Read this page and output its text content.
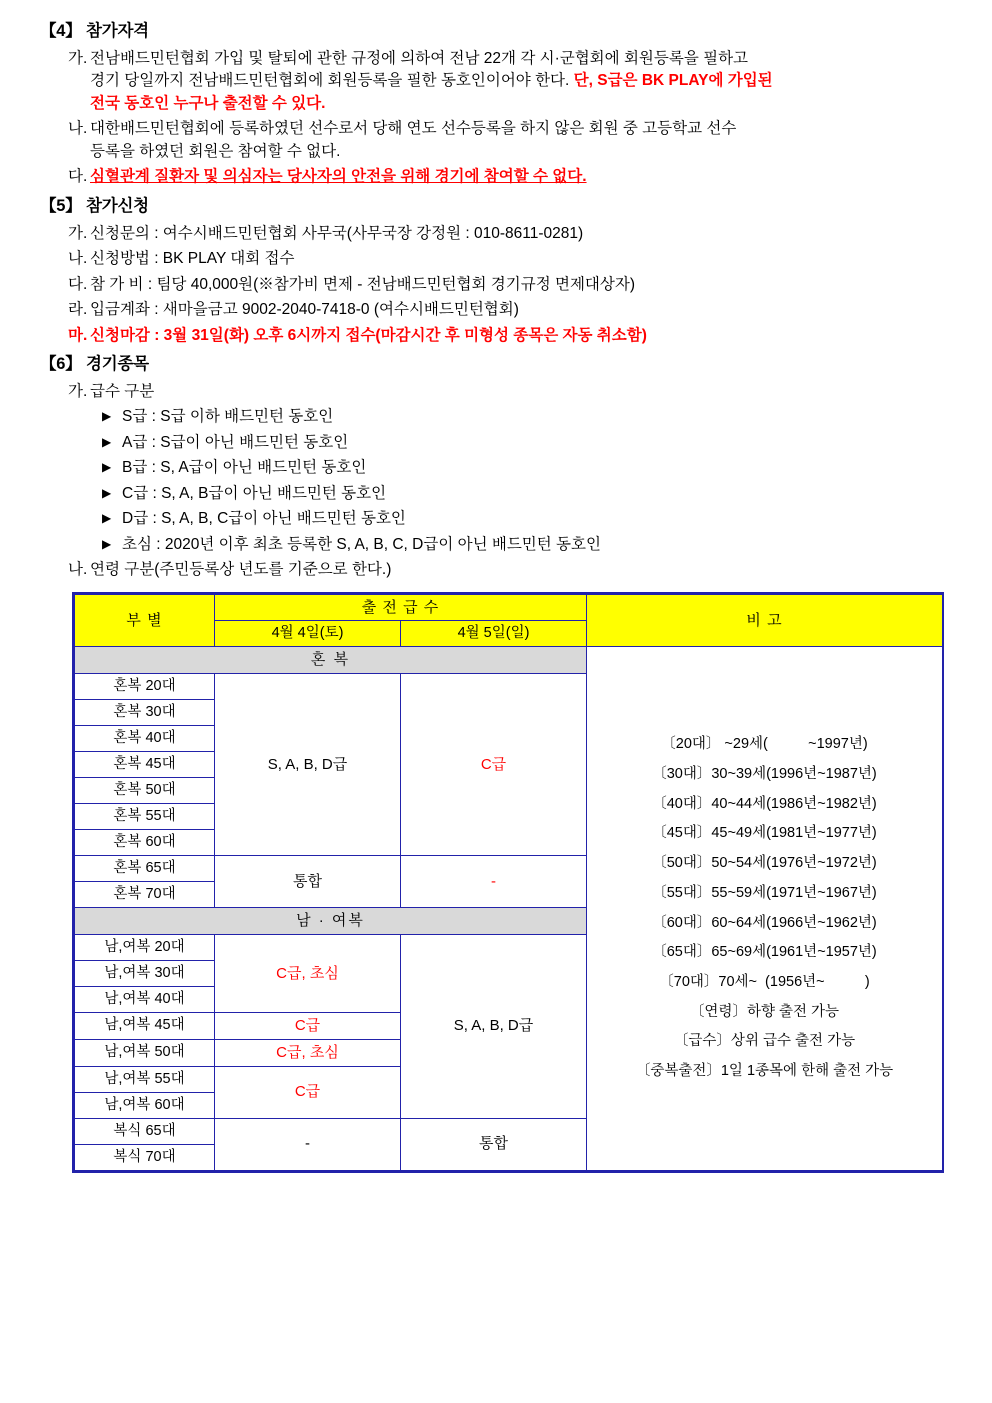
【4】 참가자격
가. 전남배드민턴협회 가입 및 탈퇴에 관한 규정에 의하여 전남 22개 각 시·군협회에 회원등록을 필하고
경기 당일까지 전남배드민턴협회에 회원등록을 필한 동호인이어야 한다. 단, S급은 BK PLAY에 가입된
전국 동호인 누구나 출전할 수 있다.
나. 대한배드민턴협회에 등록하였던 선수로서 당해 연도 선수등록을 하지 않은 회원 중 고등학교 선수
등록을 하였던 회원은 참여할 수 없다.
다. 심혈관계 질환자 및 의심자는 당사자의 안전을 위해 경기에 참여할 수 없다.
【5】 참가신청
가. 신청문의 : 여수시배드민턴협회 사무국(사무국장 강정원 : 010-8611-0281)
나. 신청방법 : BK PLAY 대회 접수
다. 참 가 비 : 팀당 40,000원(※참가비 면제 - 전남배드민턴협회 경기규정 면제대상자)
라. 입금계좌 : 새마을금고 9002-2040-7418-0 (여수시배드민턴협회)
마. 신청마감 : 3월 31일(화) 오후 6시까지 접수(마감시간 후 미형성 종목은 자동 취소함)
【6】 경기종목
가. 급수 구분
▶ S급 : S급 이하 배드민턴 동호인
▶ A급 : S급이 아닌 배드민턴 동호인
▶ B급 : S, A급이 아닌 배드민턴 동호인
▶ C급 : S, A, B급이 아닌 배드민턴 동호인
▶ D급 : S, A, B, C급이 아닌 배드민턴 동호인
▶ 초심 : 2020년 이후 최초 등록한 S, A, B, C, D급이 아닌 배드민턴 동호인
나. 연령 구분(주민등록상 년도를 기준으로 한다.)
부 별	출 전 급 수		비 고
	4월 4일(토)	4월 5일(일)	
혼 복	
〔20대〕 ~29세(          ~1997년)
〔30대〕30~39세(1996년~1987년)
〔40대〕40~44세(1986년~1982년)
〔45대〕45~49세(1981년~1977년)
〔50대〕50~54세(1976년~1972년)
〔55대〕55~59세(1971년~1967년)
〔60대〕60~64세(1966년~1962년)
〔65대〕65~69세(1961년~1957년)
〔70대〕70세~  (1956년~          )
〔연령〕하향 출전 가능
〔급수〕상위 급수 출전 가능
〔중복출전〕1일 1종목에 한해 출전 가능

혼복 20대	S, A, B, D급	C급	
혼복 30대			
혼복 40대			
혼복 45대			
혼복 50대			
혼복 55대			
혼복 60대			
혼복 65대	통합	-	
혼복 70대			
남 · 여복			
남,여복 20대	C급, 초심	S, A, B, D급	
남,여복 30대			
남,여복 40대			
남,여복 45대	C급		
남,여복 50대	C급, 초심		
남,여복 55대	C급		
남,여복 60대			
복식 65대	-	통합	
복식 70대			
